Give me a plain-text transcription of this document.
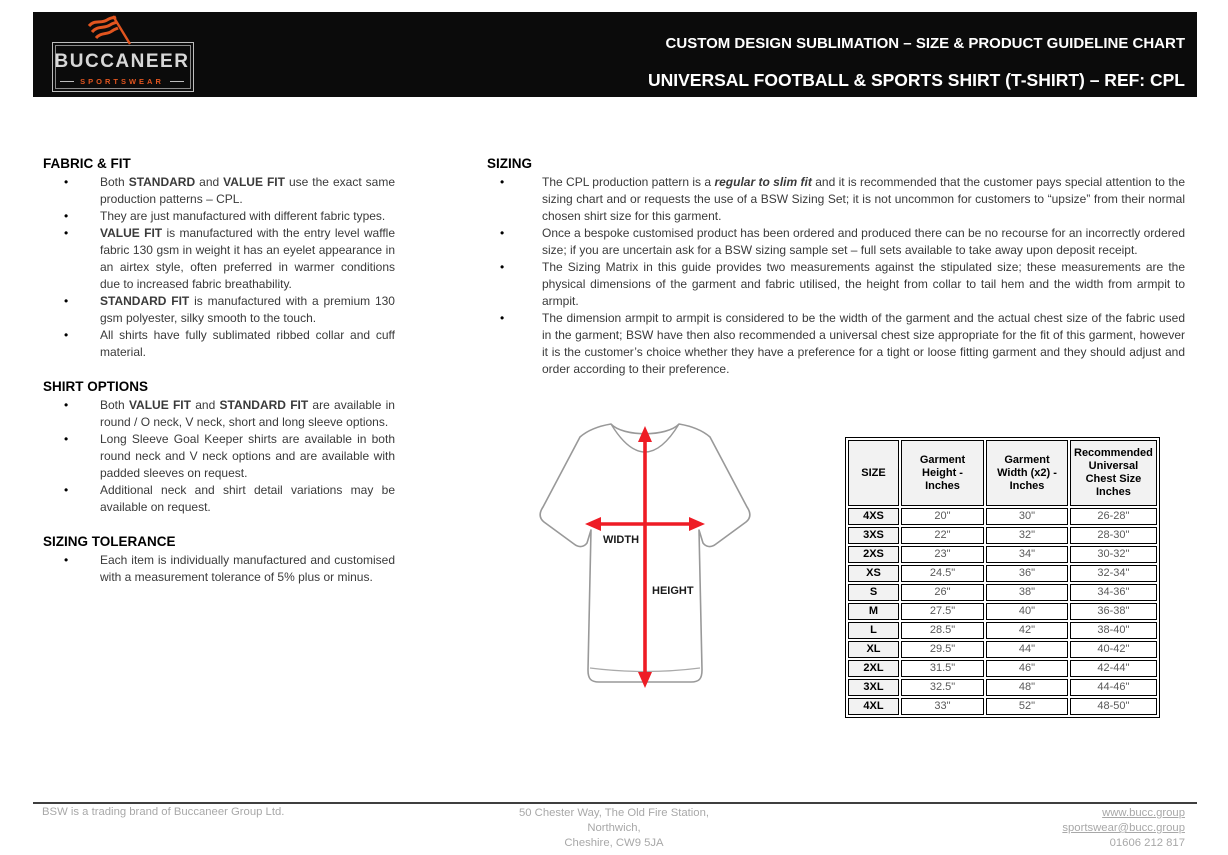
BUCCANEER
SPORTSWEAR
CUSTOM DESIGN SUBLIMATION – SIZE & PRODUCT GUIDELINE CHART
UNIVERSAL FOOTBALL & SPORTS SHIRT (T-SHIRT) – REF: CPL
FABRIC & FIT
• Both STANDARD and VALUE FIT use the exact same production patterns – CPL.
• They are just manufactured with different fabric types.
• VALUE FIT is manufactured with the entry level waffle fabric 130 gsm in weight it has an eyelet appearance in an airtex style, often preferred in warmer conditions due to increased fabric breathability.
• STANDARD FIT is manufactured with a premium 130 gsm polyester, silky smooth to the touch.
• All shirts have fully sublimated ribbed collar and cuff material.
SHIRT OPTIONS
• Both VALUE FIT and STANDARD FIT are available in round / O neck, V neck, short and long sleeve options.
• Long Sleeve Goal Keeper shirts are available in both round neck and V neck options and are available with padded sleeves on request.
• Additional neck and shirt detail variations may be available on request.
SIZING TOLERANCE
• Each item is individually manufactured and customised with a measurement tolerance of 5% plus or minus.
SIZING
• The CPL production pattern is a regular to slim fit and it is recommended that the customer pays special attention to the sizing chart and or requests the use of a BSW Sizing Set; it is not uncommon for customers to “upsize” from their normal chosen shirt size for this garment.
• Once a bespoke customised product has been ordered and produced there can be no recourse for an incorrectly ordered size; if you are uncertain ask for a BSW sizing sample set – full sets available to take away upon deposit receipt.
• The Sizing Matrix in this guide provides two measurements against the stipulated size; these measurements are the physical dimensions of the garment and fabric utilised, the height from collar to tail hem and the width from armpit to armpit.
• The dimension armpit to armpit is considered to be the width of the garment and the actual chest size of the fabric used in the garment; BSW have then also recommended a universal chest size appropriate for the fit of this garment, however it is the customer’s choice whether they have a preference for a tight or loose fitting garment and they should adjust and order according to their preference.
WIDTH
HEIGHT
SIZE	Garment Height - Inches	Garment Width (x2) - Inches	Recommended Universal Chest Size Inches
4XS	20"	30"	26-28"
3XS	22"	32"	28-30"
2XS	23"	34"	30-32"
XS	24.5"	36"	32-34"
S	26"	38"	34-36"
M	27.5"	40"	36-38"
L	28.5"	42"	38-40"
XL	29.5"	44"	40-42"
2XL	31.5"	46"	42-44"
3XL	32.5"	48"	44-46"
4XL	33"	52"	48-50"
BSW is a trading brand of Buccaneer Group Ltd.	50 Chester Way, The Old Fire Station,
Northwich,
Cheshire, CW9 5JA
www.bucc.group
sportswear@bucc.group
01606 212 817
